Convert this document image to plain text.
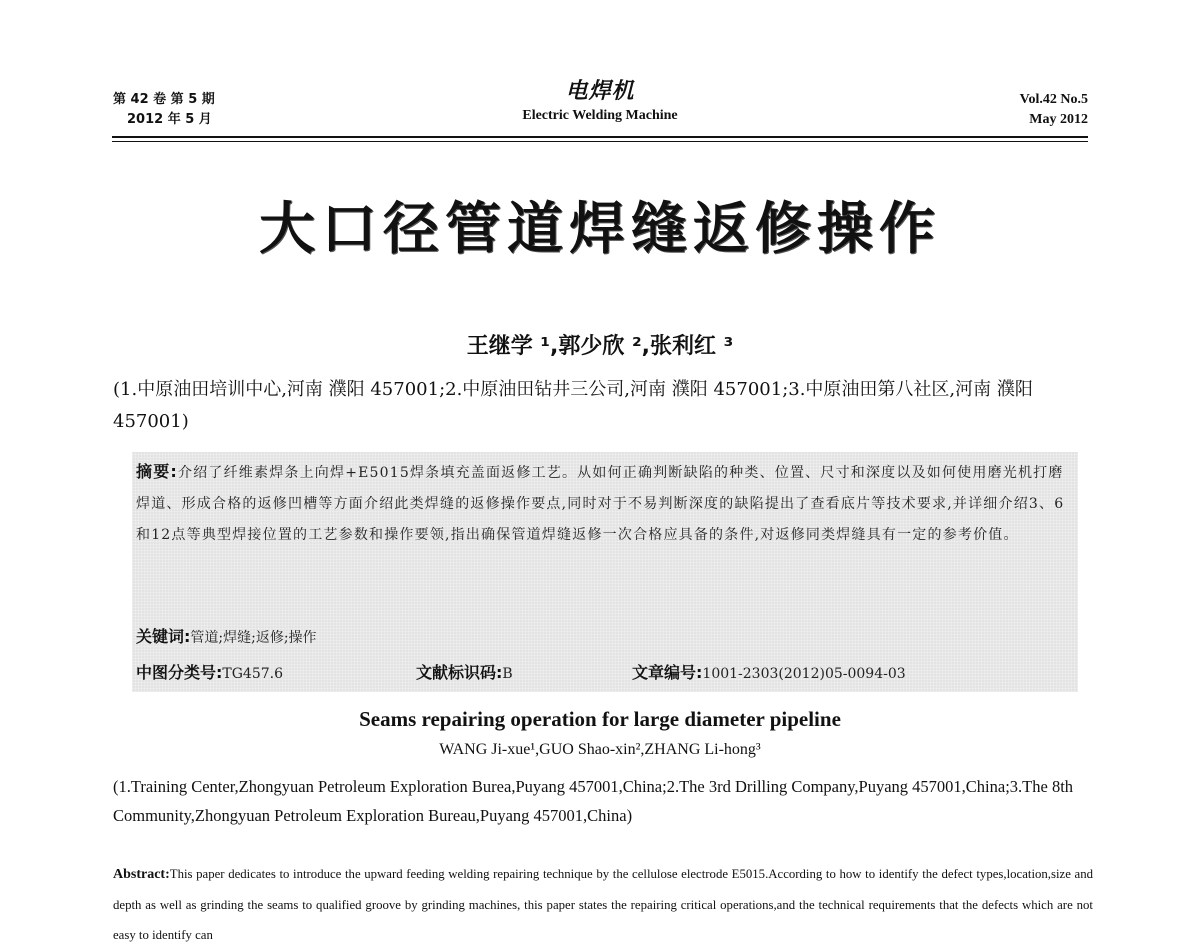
第 42 卷 第 5 期
2012 年 5 月
电焊机
Electric Welding Machine
Vol.42 No.5
May 2012
大口径管道焊缝返修操作
王继学 ¹,郭少欣 ²,张利红 ³
(1.中原油田培训中心,河南 濮阳 457001;2.中原油田钻井三公司,河南 濮阳 457001;3.中原油田第八社区,河南 濮阳 457001)
摘要:介绍了纤维素焊条上向焊+E5015焊条填充盖面返修工艺。从如何正确判断缺陷的种类、位置、尺寸和深度以及如何使用磨光机打磨焊道、形成合格的返修凹槽等方面介绍此类焊缝的返修操作要点,同时对于不易判断深度的缺陷提出了查看底片等技术要求,并详细介绍3、6和12点等典型焊接位置的工艺参数和操作要领,指出确保管道焊缝返修一次合格应具备的条件,对返修同类焊缝具有一定的参考价值。
关键词:管道;焊缝;返修;操作
中图分类号:TG457.6	文献标识码:B	文章编号:1001-2303(2012)05-0094-03
Seams repairing operation for large diameter pipeline
WANG Ji-xue¹,GUO Shao-xin²,ZHANG Li-hong³
(1.Training Center,Zhongyuan Petroleum Exploration Burea,Puyang 457001,China;2.The 3rd Drilling Company,Puyang 457001,China;3.The 8th Community,Zhongyuan Petroleum Exploration Bureau,Puyang 457001,China)
Abstract:This paper dedicates to introduce the upward feeding welding repairing technique by the cellulose electrode E5015.According to how to identify the defect types,location,size and depth as well as grinding the seams to qualified groove by grinding machines, this paper states the repairing critical operations,and the technical requirements that the defects which are not easy to identify can
